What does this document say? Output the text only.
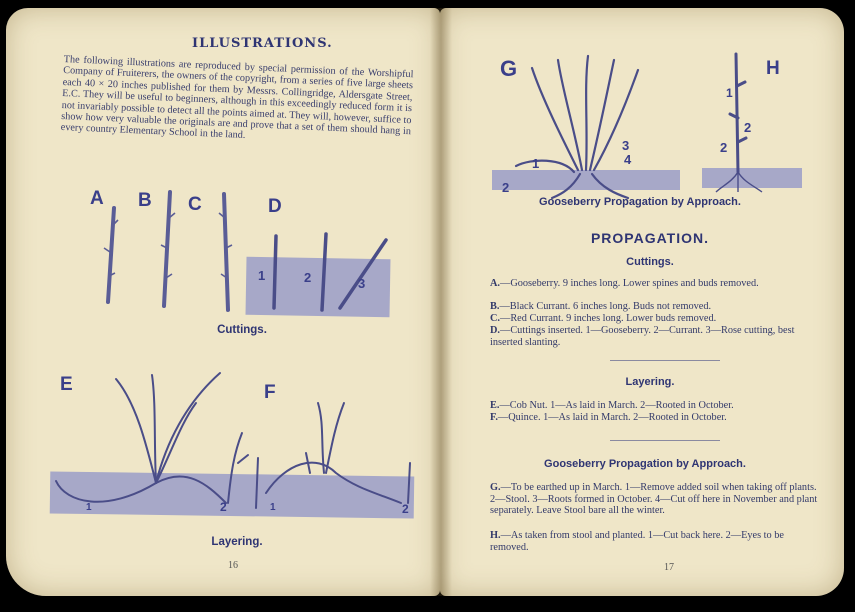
ILLUSTRATIONS.
The following illustrations are reproduced by special permission of the Worshipful Company of Fruiterers, the owners of the copyright, from a series of five large sheets each 40 × 20 inches published for them by Messrs. Collingridge, Aldersgate Street, E.C. They will be useful to beginners, although in this exceedingly reduced form it is not invariably possible to detect all the points aimed at. They will, however, suffice to show how very valuable the originals are and prove that a set of them should hang in every country Elementary School in the land.
A B C	D
1	2	3
Cuttings.
E	F
1	2	1	2
Layering.
16
G	H
1
2
3
4
1
2
2
Gooseberry Propagation by Approach.
PROPAGATION.
Cuttings.
A.—Gooseberry. 9 inches long. Lower spines and buds removed.
B.—Black Currant. 6 inches long. Buds not removed.
C.—Red Currant. 9 inches long. Lower buds removed.
D.—Cuttings inserted. 1—Gooseberry. 2—Currant. 3—Rose cutting, best inserted slanting.
Layering.
E.—Cob Nut. 1—As laid in March. 2—Rooted in October.
F.—Quince. 1—As laid in March. 2—Rooted in October.
Gooseberry Propagation by Approach.
G.—To be earthed up in March. 1—Remove added soil when taking off plants. 2—Stool. 3—Roots formed in October. 4—Cut off here in November and plant separately. Leave Stool bare all the winter.
H.—As taken from stool and planted. 1—Cut back here. 2—Eyes to be removed.
17
